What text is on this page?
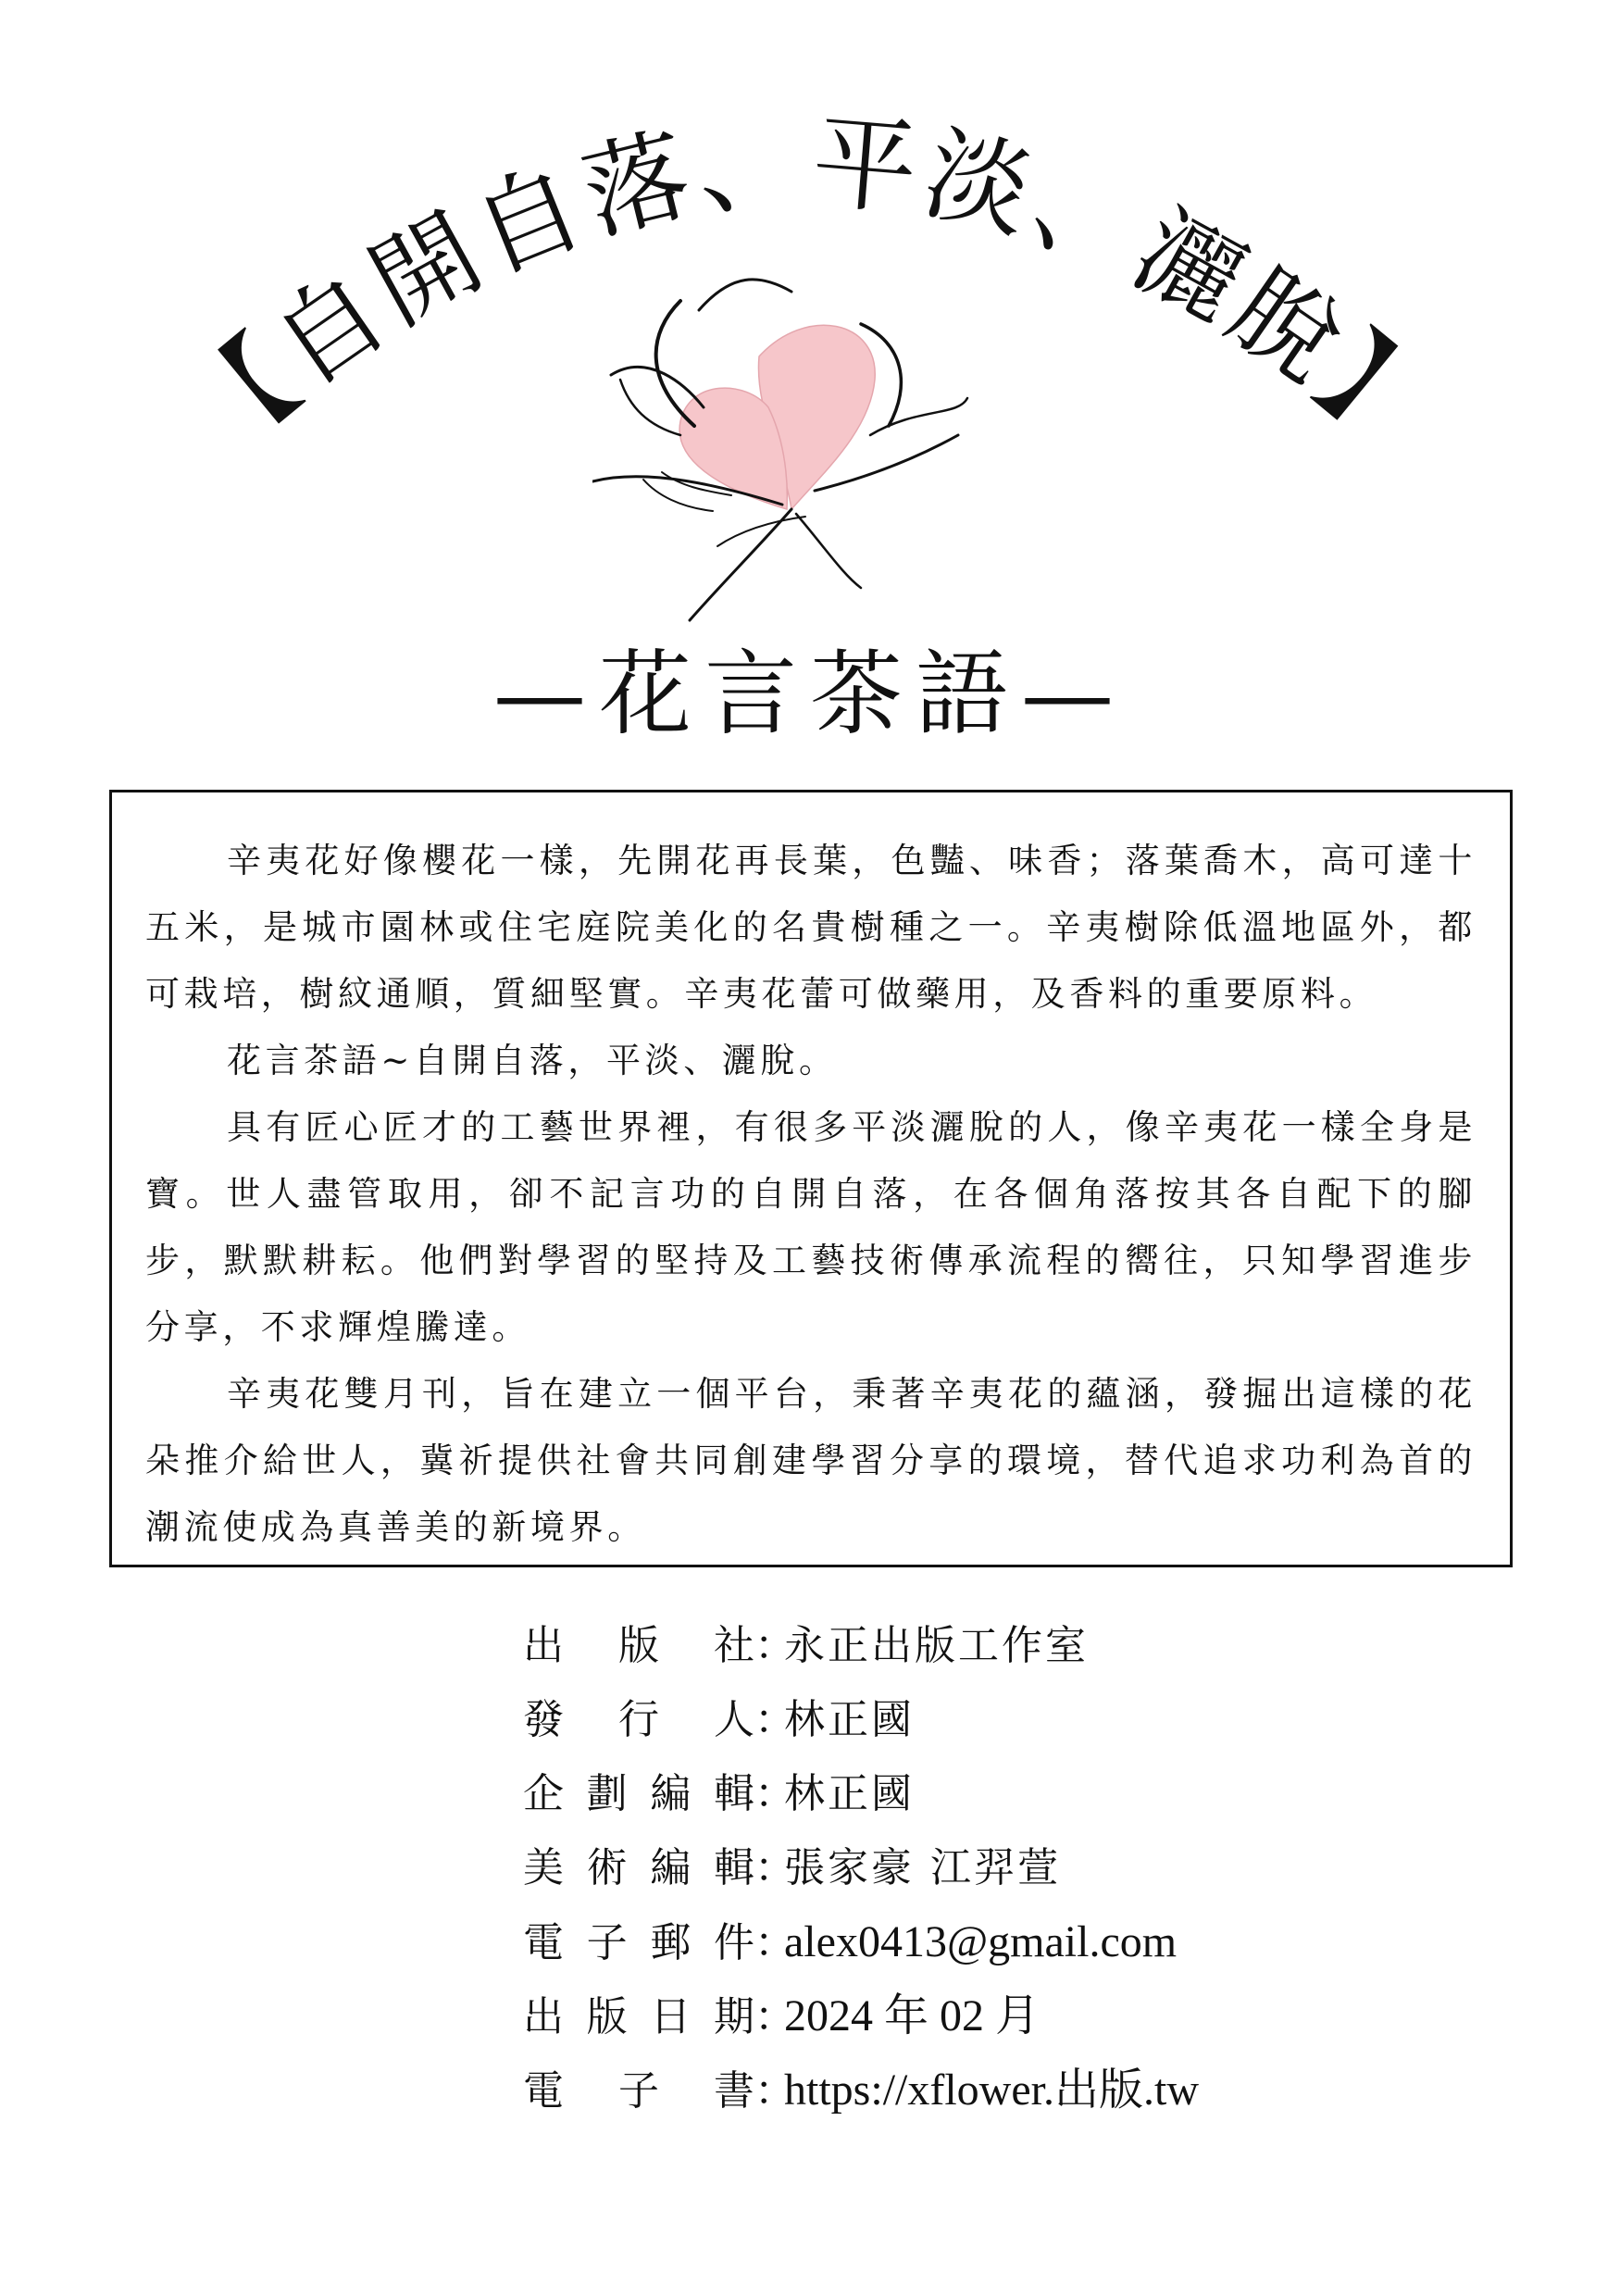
【自開自落、平淡、灑脫】
—花言茶語—

辛夷花好像櫻花一樣，先開花再長葉，色豔、味香；落葉喬木，高可達十五米，是城市園林或住宅庭院美化的名貴樹種之一。辛夷樹除低溫地區外，都可栽培，樹紋通順，質細堅實。辛夷花蕾可做藥用，及香料的重要原料。

花言茶語~自開自落，平淡、灑脫。

具有匠心匠才的工藝世界裡，有很多平淡灑脫的人，像辛夷花一樣全身是寶。世人盡管取用，卻不記言功的自開自落，在各個角落按其各自配下的腳步，默默耕耘。他們對學習的堅持及工藝技術傳承流程的嚮往，只知學習進步分享，不求輝煌騰達。

辛夷花雙月刊，旨在建立一個平台，秉著辛夷花的蘊涵，發掘出這樣的花朵推介給世人，冀祈提供社會共同創建學習分享的環境，替代追求功利為首的潮流使成為真善美的新境界。

出 版 社 ：
永正出版工作室
發 行 人 ：
林正國
企 劃 編 輯 ：
林正國
美 術 編 輯 ：
張家豪 江羿萱
電 子 郵 件 ：
alex0413@gmail.com
出 版 日 期 ：
2024 年 02 月
電 子 書 ：
https://xflower.出版.tw
